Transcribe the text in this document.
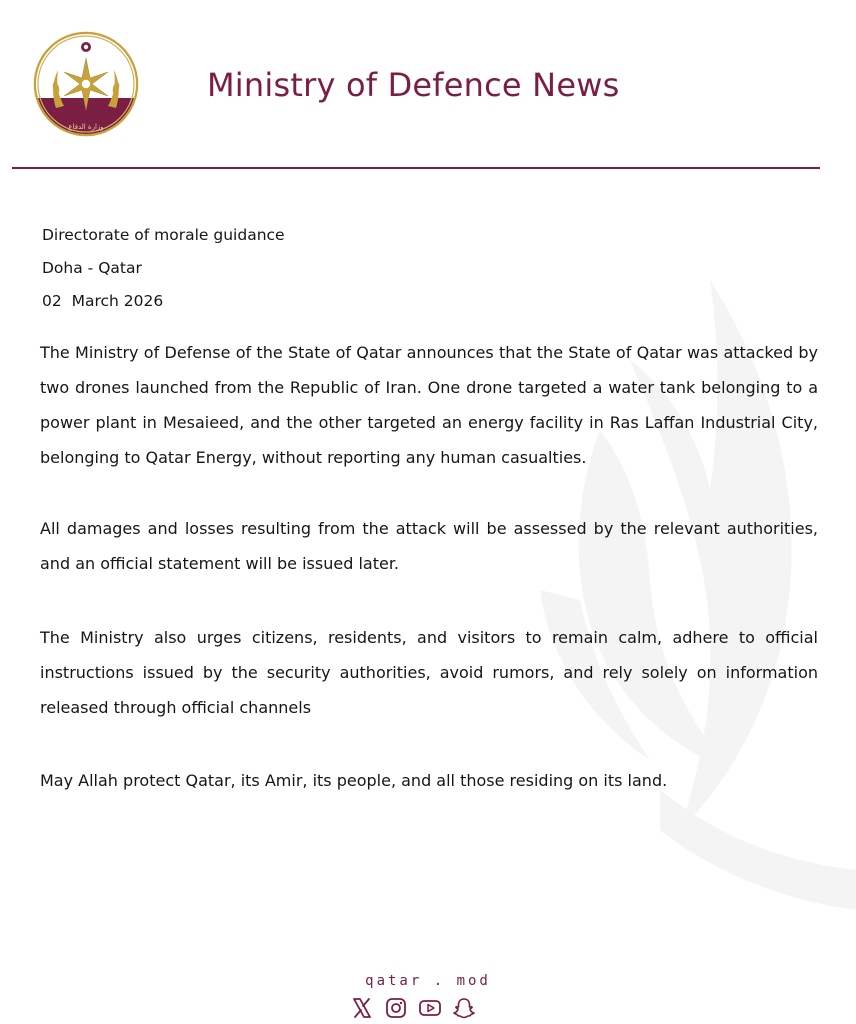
وزارة الدفاع
Ministry of Defence News
Directorate of morale guidance
Doha - Qatar
02  March 2026

The Ministry of Defense of the State of Qatar announces that the State of Qatar was attacked by two drones launched from the Republic of Iran. One drone targeted a water tank belonging to a power plant in Mesaieed, and the other targeted an energy facility in Ras Laffan Industrial City, belonging to Qatar Energy, without reporting any human casualties.

All damages and losses resulting from the attack will be assessed by the relevant authorities, and an official statement will be issued later.

The Ministry also urges citizens, residents, and visitors to remain calm, adhere to official instructions issued by the security authorities, avoid rumors, and rely solely on information released through official channels

May Allah protect Qatar, its Amir, its people, and all those residing on its land.

qatar . mod
